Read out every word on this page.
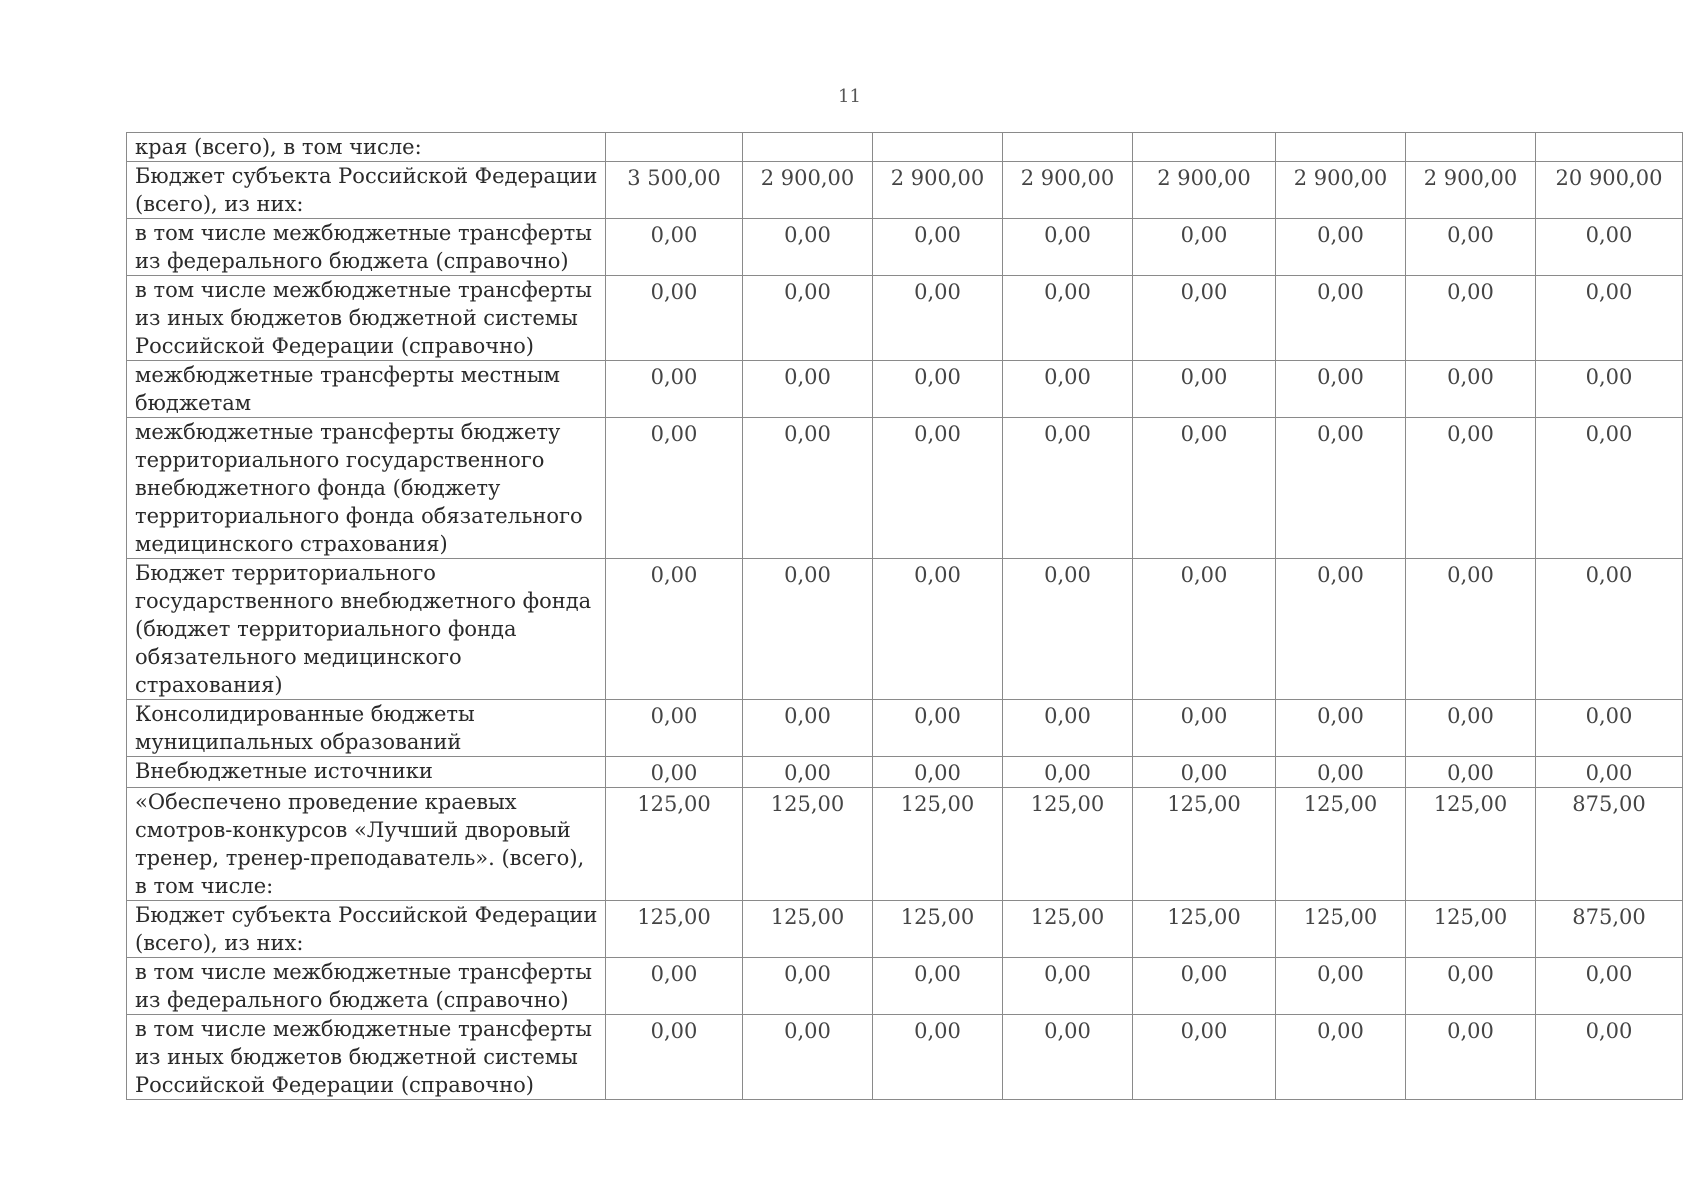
11
края (всего), в том числе:								
Бюджет субъекта Российской Федерации (всего), из них:	3 500,00	2 900,00	2 900,00	2 900,00	2 900,00	2 900,00	2 900,00	20 900,00
в том числе межбюджетные трансферты из федерального бюджета (справочно)	0,00	0,00	0,00	0,00	0,00	0,00	0,00	0,00
в том числе межбюджетные трансферты из иных бюджетов бюджетной системы Российской Федерации (справочно)	0,00	0,00	0,00	0,00	0,00	0,00	0,00	0,00
межбюджетные трансферты местным бюджетам	0,00	0,00	0,00	0,00	0,00	0,00	0,00	0,00
межбюджетные трансферты бюджету территориального государственного внебюджетного фонда (бюджету территориального фонда обязательного медицинского страхования)	0,00	0,00	0,00	0,00	0,00	0,00	0,00	0,00
Бюджет территориального государственного внебюджетного фонда (бюджет территориального фонда обязательного медицинского страхования)	0,00	0,00	0,00	0,00	0,00	0,00	0,00	0,00
Консолидированные бюджеты муниципальных образований	0,00	0,00	0,00	0,00	0,00	0,00	0,00	0,00
Внебюджетные источники	0,00	0,00	0,00	0,00	0,00	0,00	0,00	0,00
«Обеспечено проведение краевых смотров-конкурсов «Лучший дворовый тренер, тренер-преподаватель». (всего), в том числе:	125,00	125,00	125,00	125,00	125,00	125,00	125,00	875,00
Бюджет субъекта Российской Федерации (всего), из них:	125,00	125,00	125,00	125,00	125,00	125,00	125,00	875,00
в том числе межбюджетные трансферты из федерального бюджета (справочно)	0,00	0,00	0,00	0,00	0,00	0,00	0,00	0,00
в том числе межбюджетные трансферты из иных бюджетов бюджетной системы Российской Федерации (справочно)	0,00	0,00	0,00	0,00	0,00	0,00	0,00	0,00
